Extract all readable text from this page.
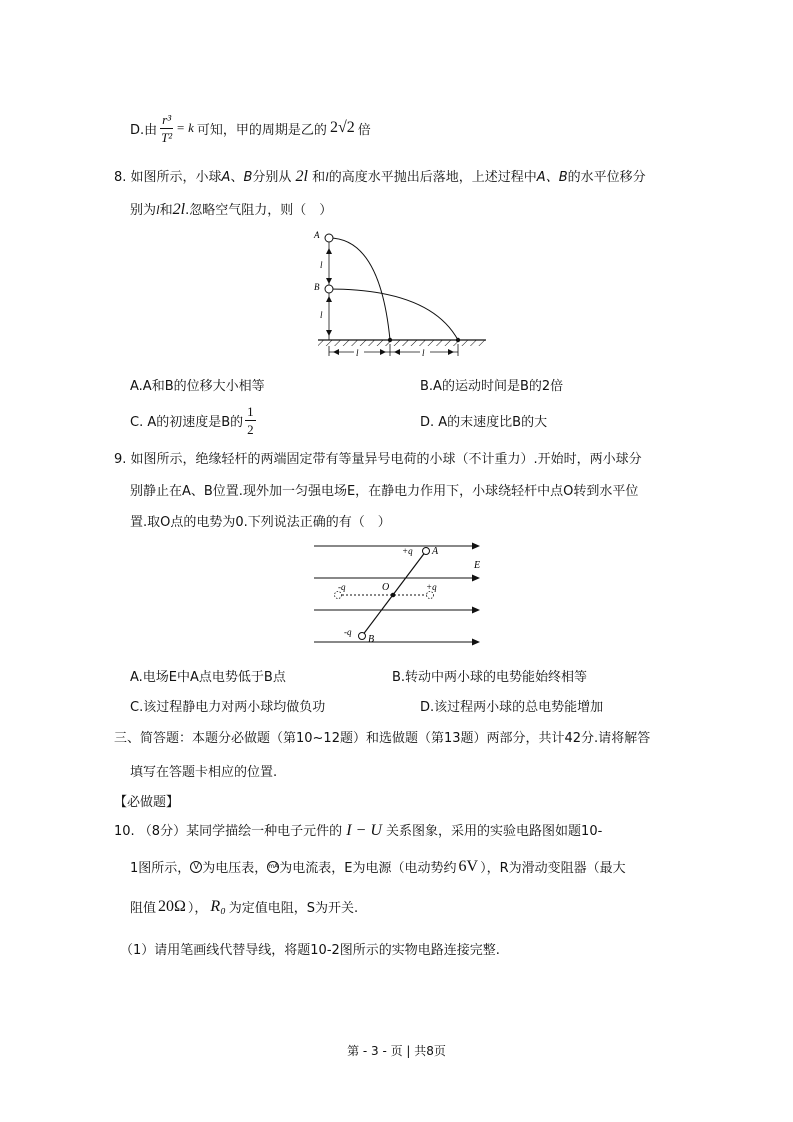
D.由 $\frac{\text{r³}}{\text{T²}} = k$ 可知，甲的周期是乙的 2√2 倍
8. 如图所示，小球A、B分别从 2l 和l的高度水平抛出后落地，上述过程中A、B的水平位移分
别为l和2l.忽略空气阻力，则（　）
l
l
A
B
l	l
A.A和B的位移大小相等	B.A的运动时间是B的2倍
C. A的初速度是B的 $\frac{1}{2}$	D. A的末速度比B的大
9. 如图所示，绝缘轻杆的两端固定带有等量异号电荷的小球（不计重力）.开始时，两小球分
别静止在A、B位置.现外加一匀强电场E，在静电力作用下，小球绕轻杆中点O转到水平位
置.取O点的电势为0.下列说法正确的有（　）
E
-q	+q
+q A
O
-q
B
A.电场E中A点电势低于B点	B.转动中两小球的电势能始终相等
C.该过程静电力对两小球均做负功	D.该过程两小球的总电势能增加
三、简答题：本题分必做题（第10~12题）和选做题（第13题）两部分，共计42分.请将解答
填写在答题卡相应的位置.
【必做题】
10. （8分）某同学描绘一种电子元件的 I − U 关系图象，采用的实验电路图如题10-
1图所示， V 为电压表， mA 为电流表，E为电源（电动势约 6V ），R为滑动变阻器（最大
阻值 20Ω ）， R₀ 为定值电阻，S为开关.
（1）请用笔画线代替导线，将题10-2图所示的实物电路连接完整.
第 - 3 - 页 | 共8页
